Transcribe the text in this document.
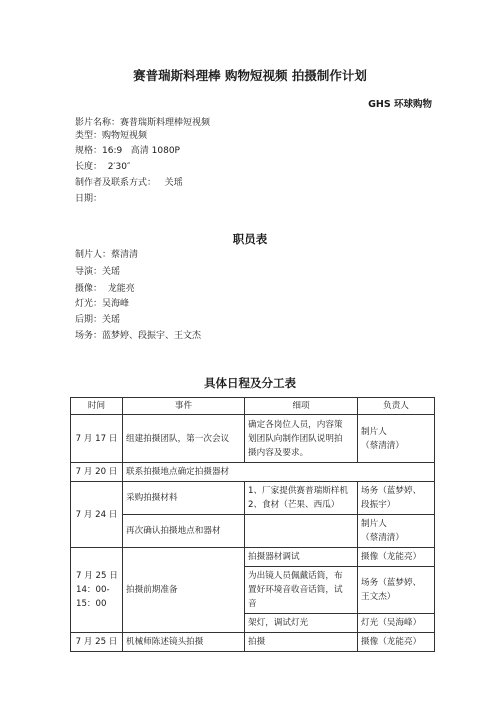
赛普瑞斯料理棒 购物短视频 拍摄制作计划
GHS 环球购物
影片名称：赛普瑞斯料理棒短视频
类型：购物短视频
规格：16:9   高清 1080P
长度：  2′30″
制作者及联系方式：   关瑶
日期：
职员表
制片人：蔡清清
导演：关瑶
摄像：  龙能亮
灯光：吴海峰
后期：关瑶
场务：蓝梦婷、段振宇、王文杰
具体日程及分工表
时间	事件	细项	负责人

7 月 17 日	组建拍摄团队，第一次会议	确定各岗位人员，内容策
划团队向制作团队说明拍
摄内容及要求。	制片人
（蔡清清）

7 月 20 日	联系拍摄地点确定拍摄器材		

7 月 24 日	采购拍摄材料	1、厂家提供赛普瑞斯样机
2、食材（芒果、西瓜）	场务（蓝梦婷、
段振宇）

	再次确认拍摄地点和器材		制片人
（蔡清清）

7 月 25 日
14：00-
15：00	拍摄前期准备	拍摄器材调试	摄像（龙能亮）

		为出镜人员佩戴话筒，布
置好环境音收音话筒，试
音	场务（蓝梦婷、
王文杰）

		架灯，调试灯光	灯光（吴海峰）

7 月 25 日	机械师陈述镜头拍摄	拍摄	摄像（龙能亮）
